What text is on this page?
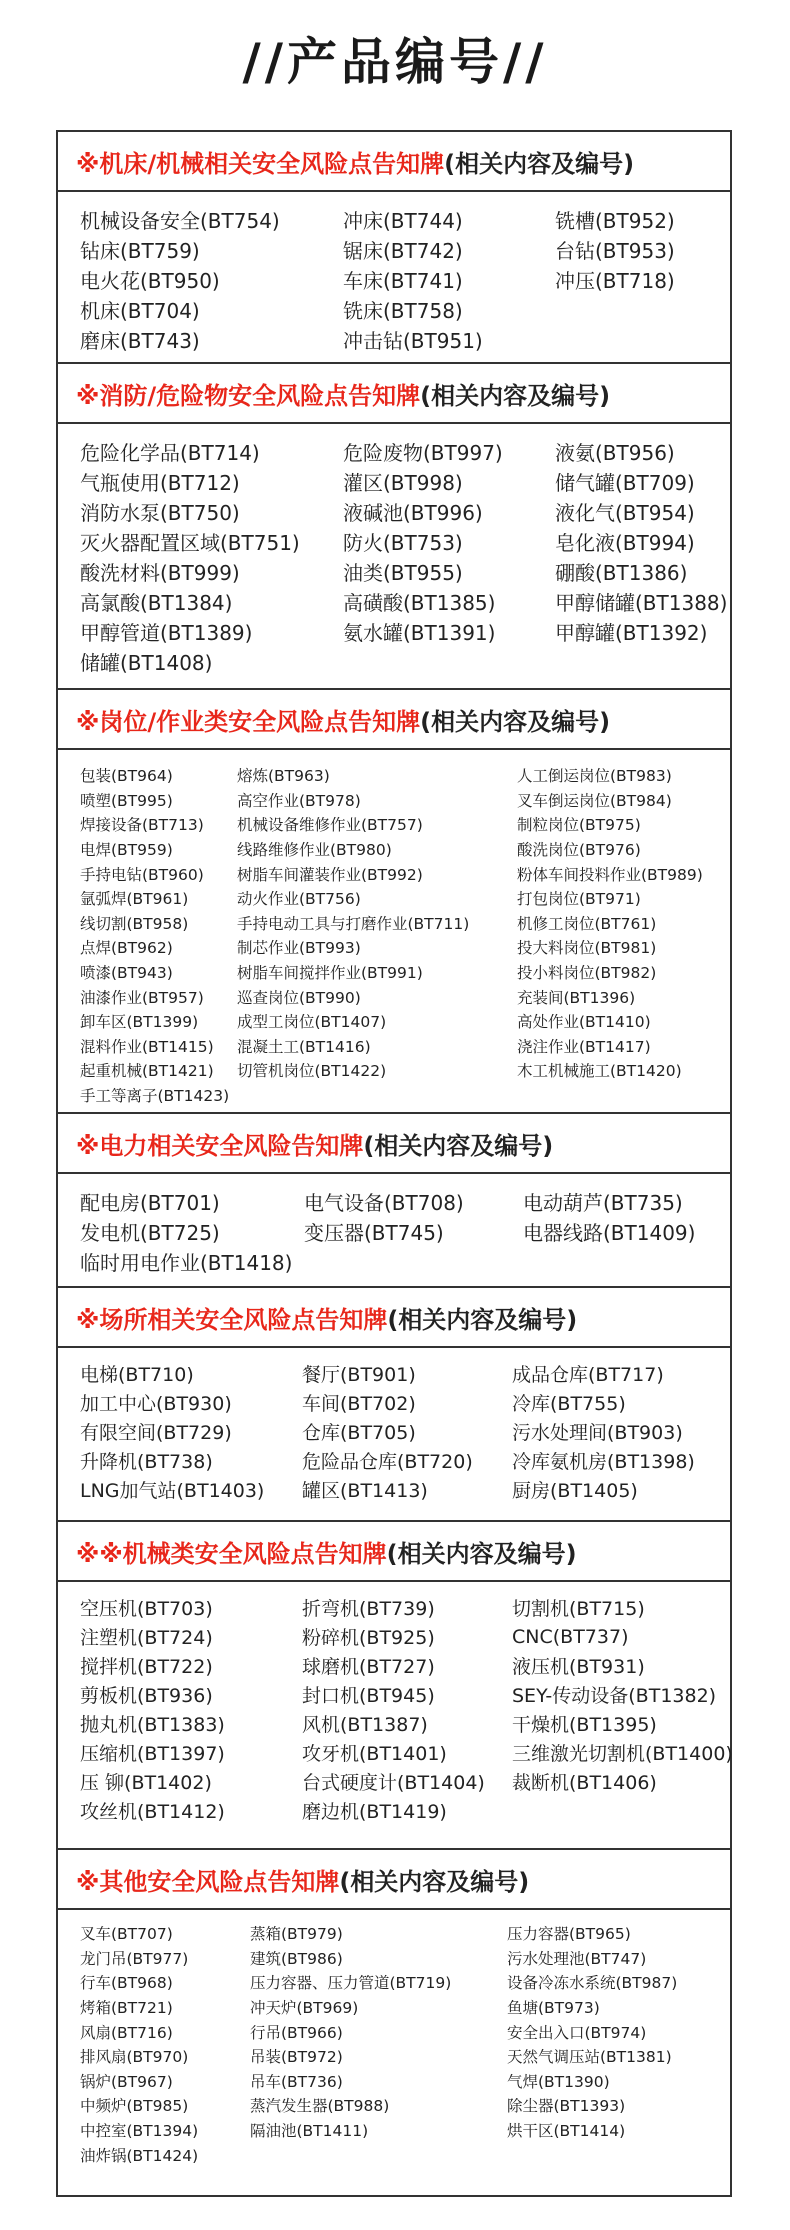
//产品编号//
※机床/机械相关安全风险点告知牌 (相关内容及编号)
机械设备安全(BT754)	冲床(BT744)	铣槽(BT952)
钻床(BT759)	锯床(BT742)	台钻(BT953)
电火花(BT950)	车床(BT741)	冲压(BT718)
机床(BT704)	铣床(BT758)
磨床(BT743)	冲击钻(BT951)
※消防/危险物安全风险点告知牌 (相关内容及编号)
危险化学品(BT714)	危险废物(BT997)	液氨(BT956)
气瓶使用(BT712)	灌区(BT998)	储气罐(BT709)
消防水泵(BT750)	液碱池(BT996)	液化气(BT954)
灭火器配置区域(BT751) 防火(BT753)	皂化液(BT994)
酸洗材料(BT999)	油类(BT955)	硼酸(BT1386)
高氯酸(BT1384)	高磺酸(BT1385)	甲醇储罐(BT1388)
甲醇管道(BT1389)	氨水罐(BT1391)	甲醇罐(BT1392)
储罐(BT1408)
※岗位/作业类安全风险点告知牌 (相关内容及编号)
包装(BT964)	熔炼(BT963)	人工倒运岗位(BT983)
喷塑(BT995)	高空作业(BT978)	叉车倒运岗位(BT984)
焊接设备(BT713) 机械设备维修作业(BT757)	制粒岗位(BT975)
电焊(BT959)	线路维修作业(BT980)	酸洗岗位(BT976)
手持电钻(BT960) 树脂车间灌装作业(BT992)	粉体车间投料作业(BT989)
氩弧焊(BT961)	动火作业(BT756)	打包岗位(BT971)
线切割(BT958)	手持电动工具与打磨作业(BT711)	机修工岗位(BT761)
点焊(BT962)	制芯作业(BT993)	投大料岗位(BT981)
喷漆(BT943)	树脂车间搅拌作业(BT991)	投小料岗位(BT982)
油漆作业(BT957) 巡查岗位(BT990)	充装间(BT1396)
卸车区(BT1399)	成型工岗位(BT1407)	高处作业(BT1410)
混料作业(BT1415) 混凝土工(BT1416)	浇注作业(BT1417)
起重机械(BT1421) 切管机岗位(BT1422)	木工机械施工(BT1420)
手工等离子(BT1423)
※电力相关安全风险告知牌 (相关内容及编号)
配电房(BT701)	电气设备(BT708)	电动葫芦(BT735)
发电机(BT725)	变压器(BT745)	电器线路(BT1409)
临时用电作业(BT1418)
※场所相关安全风险点告知牌 (相关内容及编号)
电梯(BT710)	餐厅(BT901)	成品仓库(BT717)
加工中心(BT930)	车间(BT702)	冷库(BT755)
有限空间(BT729)	仓库(BT705)	污水处理间(BT903)
升降机(BT738)	危险品仓库(BT720) 冷库氨机房(BT1398)
LNG加气站(BT1403) 罐区(BT1413)	厨房(BT1405)
※※机械类安全风险点告知牌 (相关内容及编号)
空压机(BT703)	折弯机(BT739)	切割机(BT715)
注塑机(BT724)	粉碎机(BT925)	CNC(BT737)
搅拌机(BT722)	球磨机(BT727)	液压机(BT931)
剪板机(BT936)	封口机(BT945)	SEY-传动设备(BT1382)
抛丸机(BT1383)	风机(BT1387)	干燥机(BT1395)
压缩机(BT1397)	攻牙机(BT1401)	三维激光切割机(BT1400)
压 铆(BT1402)	台式硬度计(BT1404) 裁断机(BT1406)
攻丝机(BT1412)	磨边机(BT1419)
※其他安全风险点告知牌 (相关内容及编号)
叉车(BT707)	蒸箱(BT979)	压力容器(BT965)
龙门吊(BT977)	建筑(BT986)	污水处理池(BT747)
行车(BT968)	压力容器、压力管道(BT719)	设备冷冻水系统(BT987)
烤箱(BT721)	冲天炉(BT969)	鱼塘(BT973)
风扇(BT716)	行吊(BT966)	安全出入口(BT974)
排风扇(BT970)	吊装(BT972)	天然气调压站(BT1381)
锅炉(BT967)	吊车(BT736)	气焊(BT1390)
中频炉(BT985)	蒸汽发生器(BT988)	除尘器(BT1393)
中控室(BT1394)	隔油池(BT1411)	烘干区(BT1414)
油炸锅(BT1424)
